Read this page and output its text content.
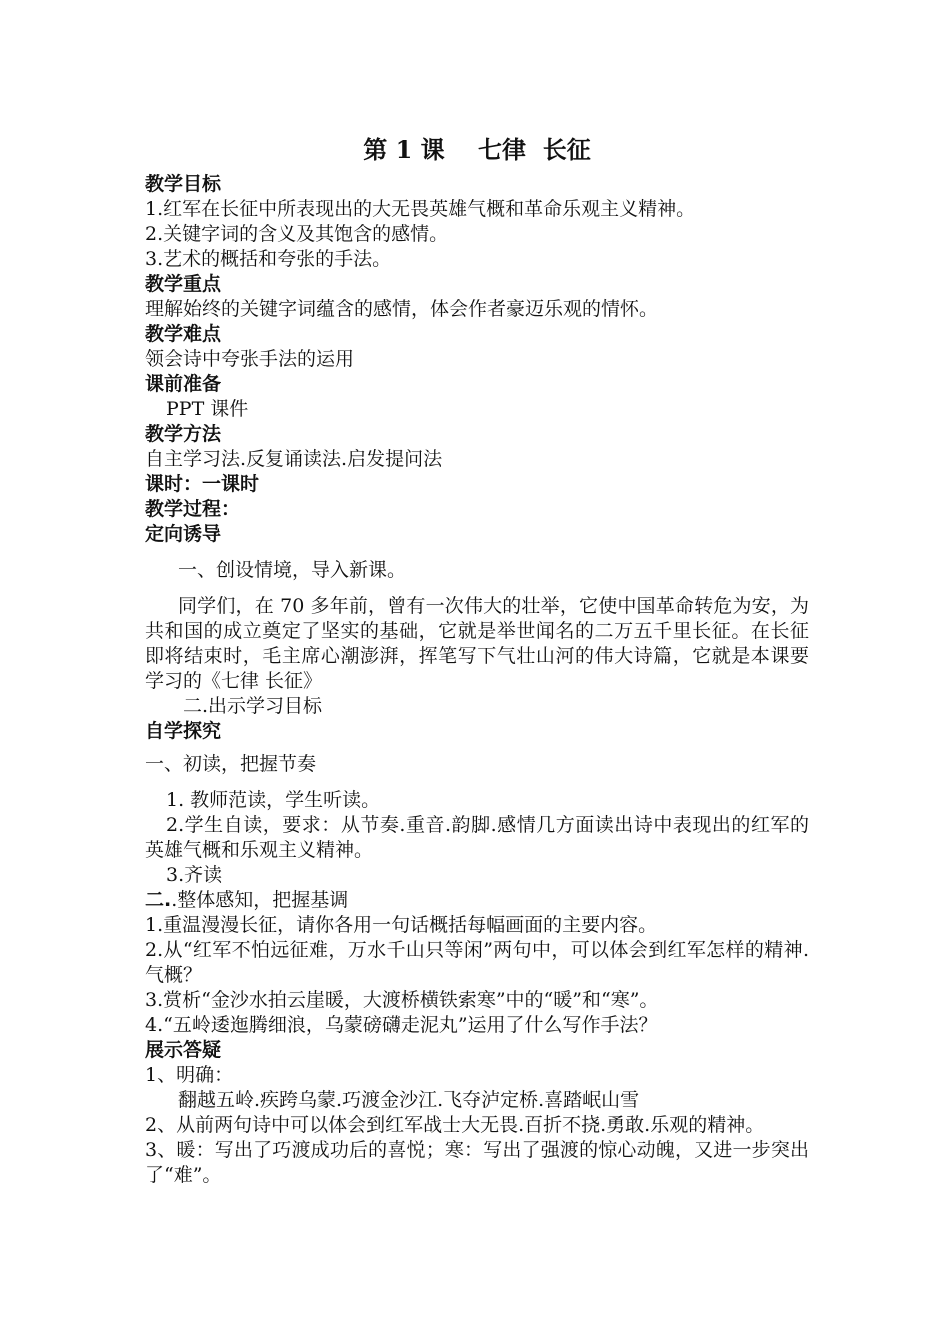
第 1 课    七律  长征
教学目标
1.红军在长征中所表现出的大无畏英雄气概和革命乐观主义精神。
2.关键字词的含义及其饱含的感情。
3.艺术的概括和夸张的手法。
教学重点
理解始终的关键字词蕴含的感情，体会作者豪迈乐观的情怀。
教学难点
领会诗中夸张手法的运用
课前准备
PPT 课件
教学方法
自主学习法.反复诵读法.启发提问法
课时：一课时
教学过程：
定向诱导
一、创设情境，导入新课。
同学们，在 70 多年前，曾有一次伟大的壮举，它使中国革命转危为安，为共和国的成立奠定了坚实的基础，它就是举世闻名的二万五千里长征。在长征即将结束时，毛主席心潮澎湃，挥笔写下气壮山河的伟大诗篇，它就是本课要学习的《七律 长征》
二.出示学习目标
自学探究
一、初读，把握节奏
1. 教师范读，学生听读。
2.学生自读，要求：从节奏.重音.韵脚.感情几方面读出诗中表现出的红军的英雄气概和乐观主义精神。
3.齐读
二..整体感知，把握基调
1.重温漫漫长征，请你各用一句话概括每幅画面的主要内容。
2.从“红军不怕远征难，万水千山只等闲”两句中，可以体会到红军怎样的精神.气概？
3.赏析“金沙水拍云崖暖，大渡桥横铁索寒”中的“暖”和“寒”。
4.“五岭逶迤腾细浪，乌蒙磅礴走泥丸”运用了什么写作手法？
展示答疑
1、明确：
翻越五岭.疾跨乌蒙.巧渡金沙江.飞夺泸定桥.喜踏岷山雪
2、从前两句诗中可以体会到红军战士大无畏.百折不挠.勇敢.乐观的精神。
3、暖：写出了巧渡成功后的喜悦；寒：写出了强渡的惊心动魄，又进一步突出了“难”。
